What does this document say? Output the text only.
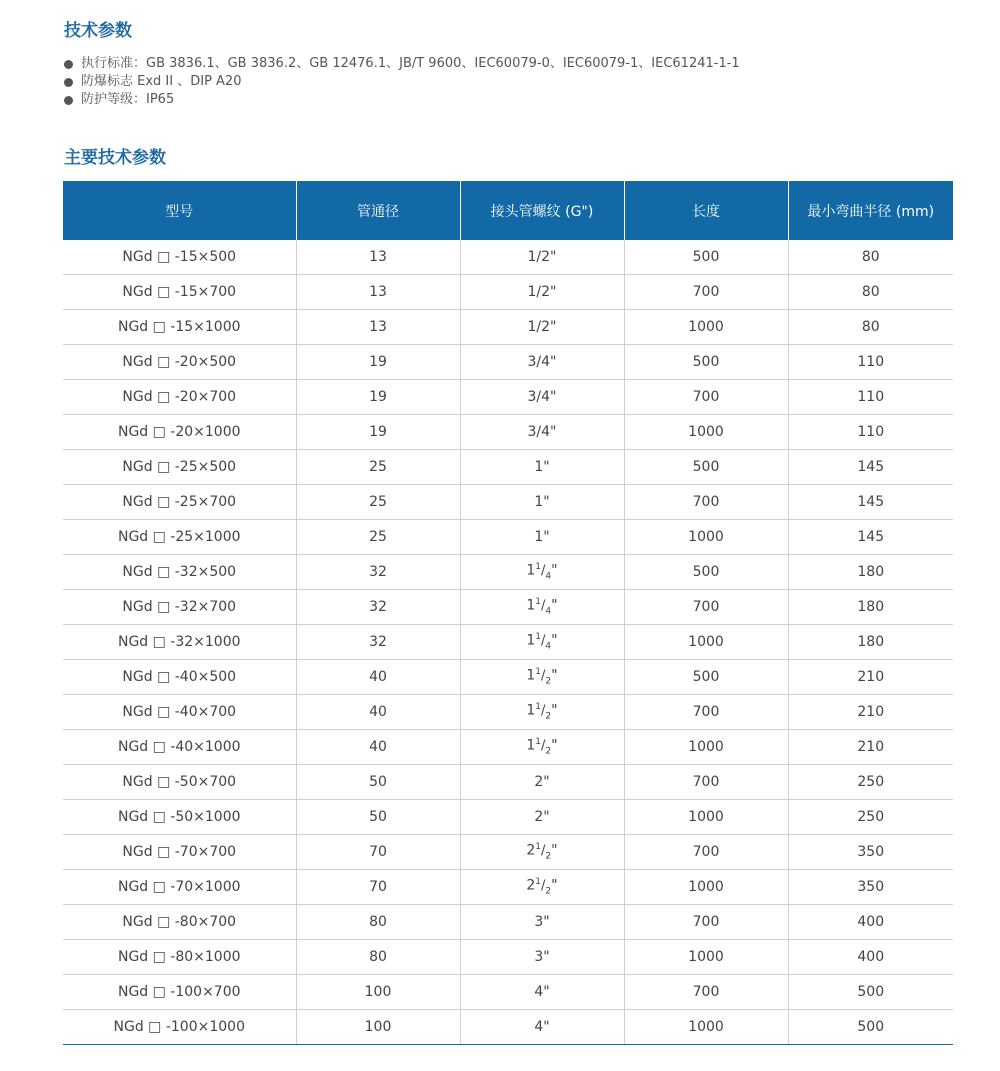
技术参数
执行标准：GB 3836.1、GB 3836.2、GB 12476.1、JB/T 9600、IEC60079-0、IEC60079-1、IEC61241-1-1
防爆标志 Exd II 、DIP A20
防护等级：IP65
主要技术参数
型号	管通径	接头管螺纹 (G")	长度	最小弯曲半径 (mm)
NGd □ -15×500	13	1/2"	500	80
NGd □ -15×700	13	1/2"	700	80
NGd □ -15×1000	13	1/2"	1000	80
NGd □ -20×500	19	3/4"	500	110
NGd □ -20×700	19	3/4"	700	110
NGd □ -20×1000	19	3/4"	1000	110
NGd □ -25×500	25	1"	500	145
NGd □ -25×700	25	1"	700	145
NGd □ -25×1000	25	1"	1000	145
NGd □ -32×500	32	$1^1/_4$"	500	180
NGd □ -32×700	32	$1^1/_4$"	700	180
NGd □ -32×1000	32	$1^1/_4$"	1000	180
NGd □ -40×500	40	$1^1/_2$"	500	210
NGd □ -40×700	40	$1^1/_2$"	700	210
NGd □ -40×1000	40	$1^1/_2$"	1000	210
NGd □ -50×700	50	2"	700	250
NGd □ -50×1000	50	2"	1000	250
NGd □ -70×700	70	$2^1/_2$"	700	350
NGd □ -70×1000	70	$2^1/_2$"	1000	350
NGd □ -80×700	80	3"	700	400
NGd □ -80×1000	80	3"	1000	400
NGd □ -100×700	100	4"	700	500
NGd □ -100×1000	100	4"	1000	500
